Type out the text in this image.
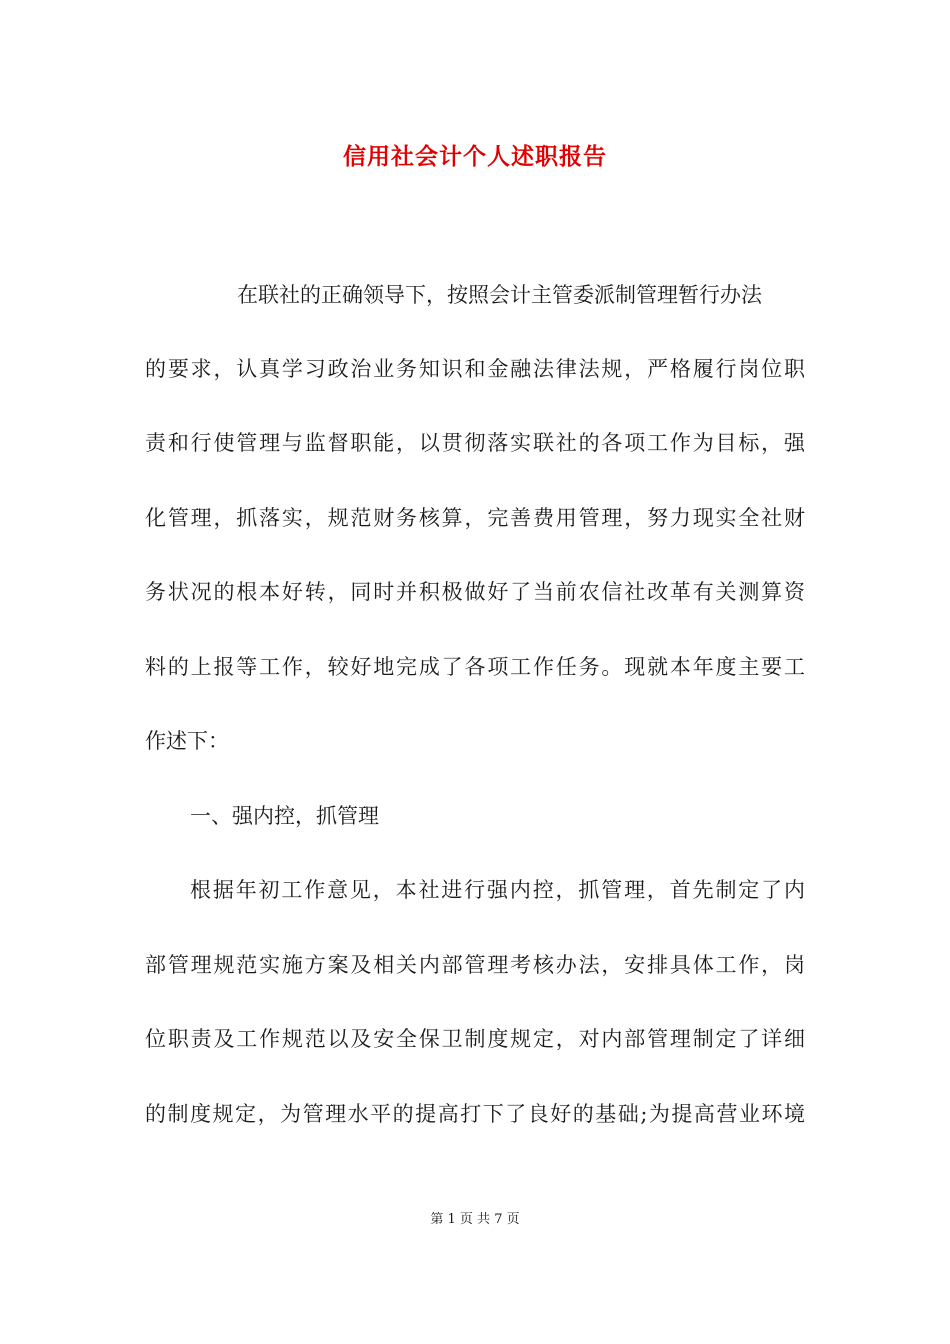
信用社会计个人述职报告

在联社的正确领导下，按照会计主管委派制管理暂行办法

的要求，认真学习政治业务知识和金融法律法规，严格履行岗位职

责和行使管理与监督职能，以贯彻落实联社的各项工作为目标，强

化管理，抓落实，规范财务核算，完善费用管理，努力现实全社财

务状况的根本好转，同时并积极做好了当前农信社改革有关测算资

料的上报等工作，较好地完成了各项工作任务。现就本年度主要工

作述下：

一、强内控，抓管理

根据年初工作意见，本社进行强内控，抓管理，首先制定了内

部管理规范实施方案及相关内部管理考核办法，安排具体工作，岗

位职责及工作规范以及安全保卫制度规定，对内部管理制定了详细

的制度规定，为管理水平的提高打下了良好的基础;为提高营业环境

第 1 页 共 7 页
